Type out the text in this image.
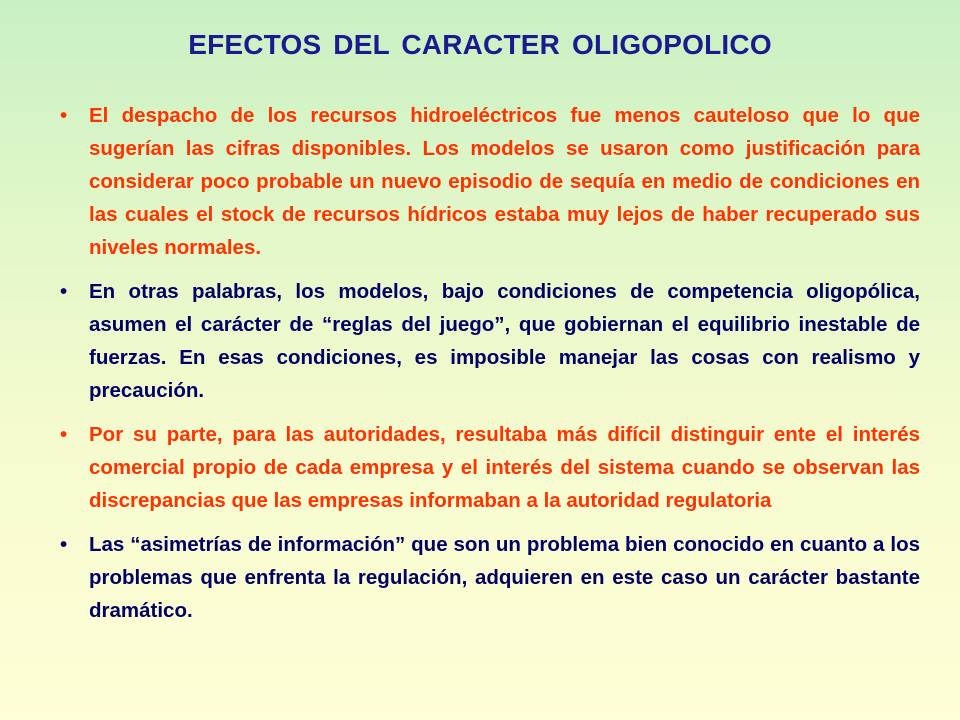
EFECTOS DEL CARACTER OLIGOPOLICO
•	El despacho de los recursos hidroeléctricos fue menos cauteloso que lo que sugerían las cifras disponibles. Los modelos se usaron como justificación para considerar poco probable un nuevo episodio de sequía en medio de condiciones en las cuales el stock de recursos hídricos estaba muy lejos de haber recuperado sus niveles normales.
•	En otras palabras, los modelos, bajo condiciones de competencia oligopólica, asumen el carácter de “reglas del juego”, que gobiernan el equilibrio inestable de fuerzas. En esas condiciones, es imposible manejar las cosas con realismo y precaución.
•	Por su parte, para las autoridades, resultaba más difícil distinguir ente el interés comercial propio de cada empresa y el interés del sistema cuando se observan las discrepancias que las empresas informaban a la autoridad regulatoria
•	Las “asimetrías de información” que son un problema bien conocido en cuanto a los problemas que enfrenta la regulación, adquieren en este caso un carácter bastante dramático.
